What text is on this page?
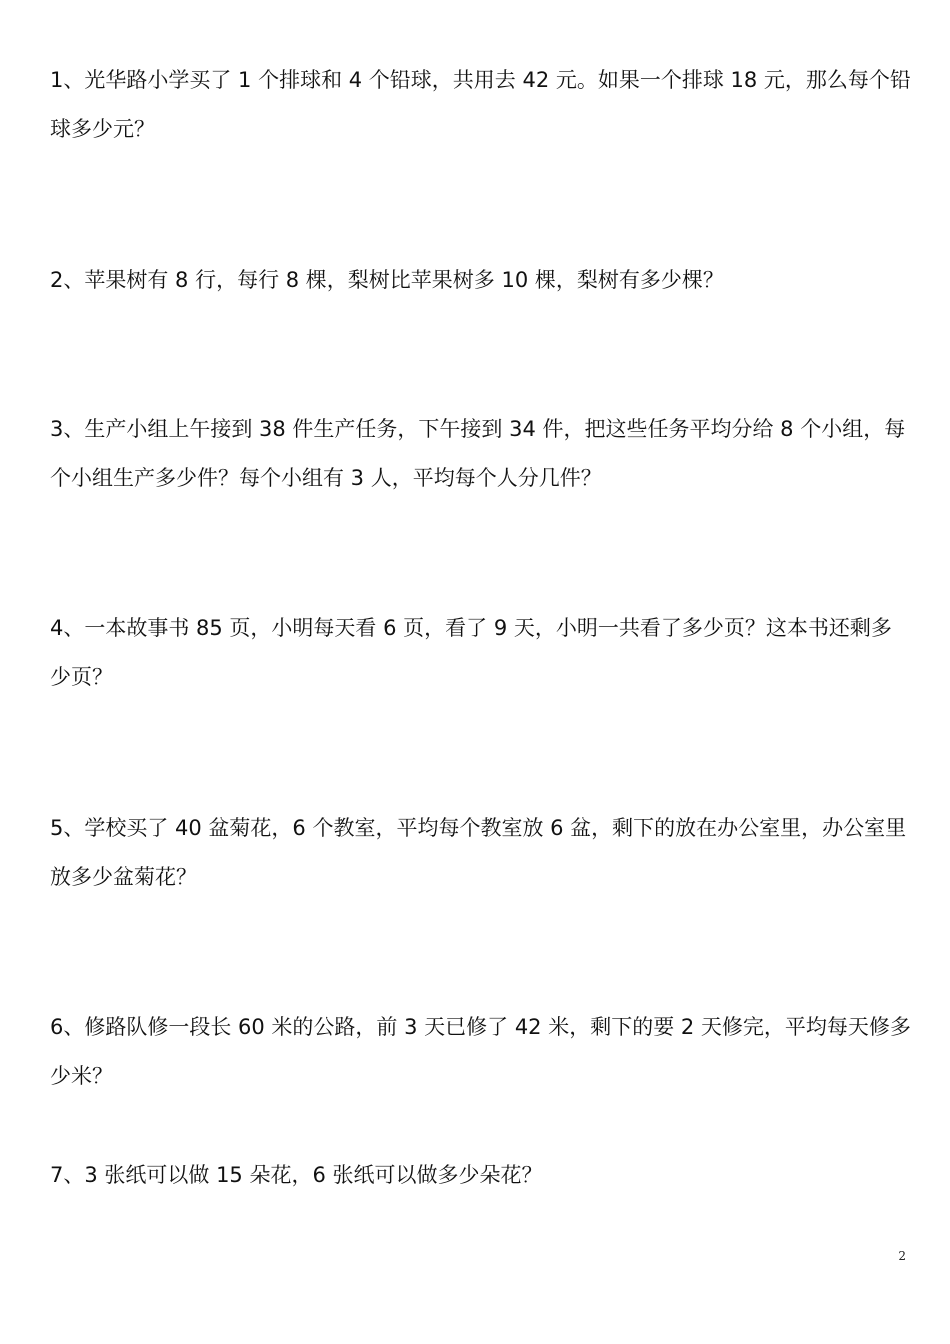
1、光华路小学买了 1 个排球和 4 个铅球，共用去 42 元。如果一个排球 18 元，那么每个铅球多少元？

2、苹果树有 8 行，每行 8 棵，梨树比苹果树多 10 棵，梨树有多少棵？

3、生产小组上午接到 38 件生产任务，下午接到 34 件，把这些任务平均分给 8 个小组，每个小组生产多少件？每个小组有 3 人，平均每个人分几件？

4、一本故事书 85 页，小明每天看 6 页，看了 9 天，小明一共看了多少页？这本书还剩多少页？

5、学校买了 40 盆菊花，6 个教室，平均每个教室放 6 盆，剩下的放在办公室里，办公室里放多少盆菊花？

6、修路队修一段长 60 米的公路，前 3 天已修了 42 米，剩下的要 2 天修完，平均每天修多少米？

7、3 张纸可以做 15 朵花，6 张纸可以做多少朵花？

2
